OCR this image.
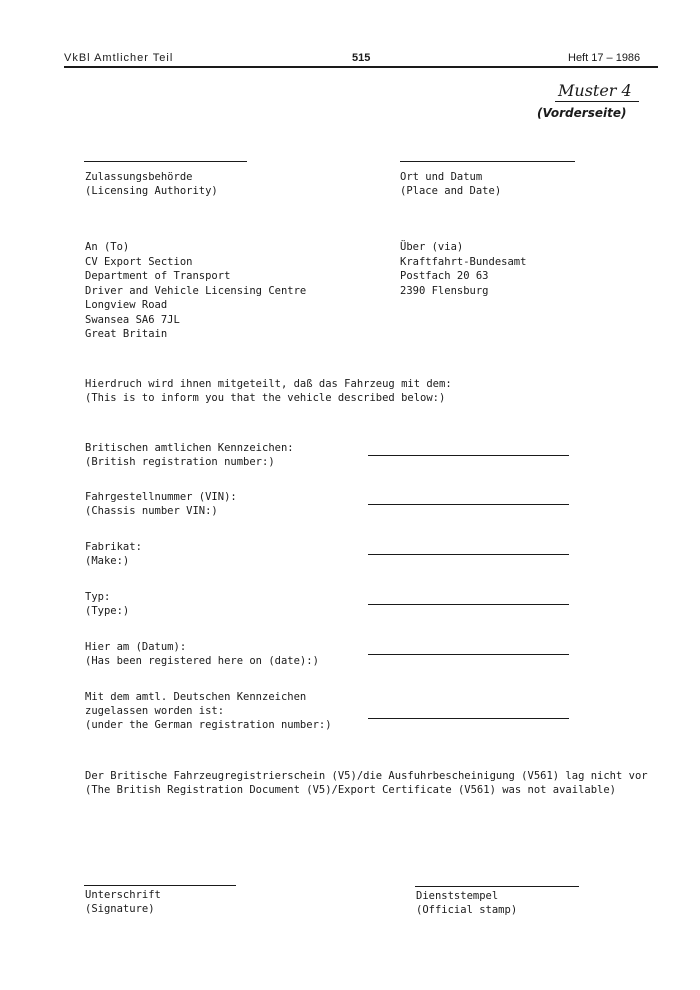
VkBl Amtlicher Teil	515	Heft 17 – 1986
Muster 4
(Vorderseite)
Zulassungsbehörde
(Licensing Authority)
Ort und Datum
(Place and Date)
An (To)
CV Export Section
Department of Transport
Driver and Vehicle Licensing Centre
Longview Road
Swansea SA6 7JL
Great Britain
Über (via)
Kraftfahrt-Bundesamt
Postfach 20 63
2390 Flensburg
Hierdruch wird ihnen mitgeteilt, daß das Fahrzeug mit dem:
(This is to inform you that the vehicle described below:)
Britischen amtlichen Kennzeichen:
(British registration number:)
Fahrgestellnummer (VIN):
(Chassis number VIN:)
Fabrikat:
(Make:)
Typ:
(Type:)
Hier am (Datum):
(Has been registered here on (date):)
Mit dem amtl. Deutschen Kennzeichen
zugelassen worden ist:
(under the German registration number:)
Der Britische Fahrzeugregistrierschein (V5)/die Ausfuhrbescheinigung (V561) lag nicht vor
(The British Registration Document (V5)/Export Certificate (V561) was not available)
Unterschrift
(Signature)
Dienststempel
(Official stamp)
